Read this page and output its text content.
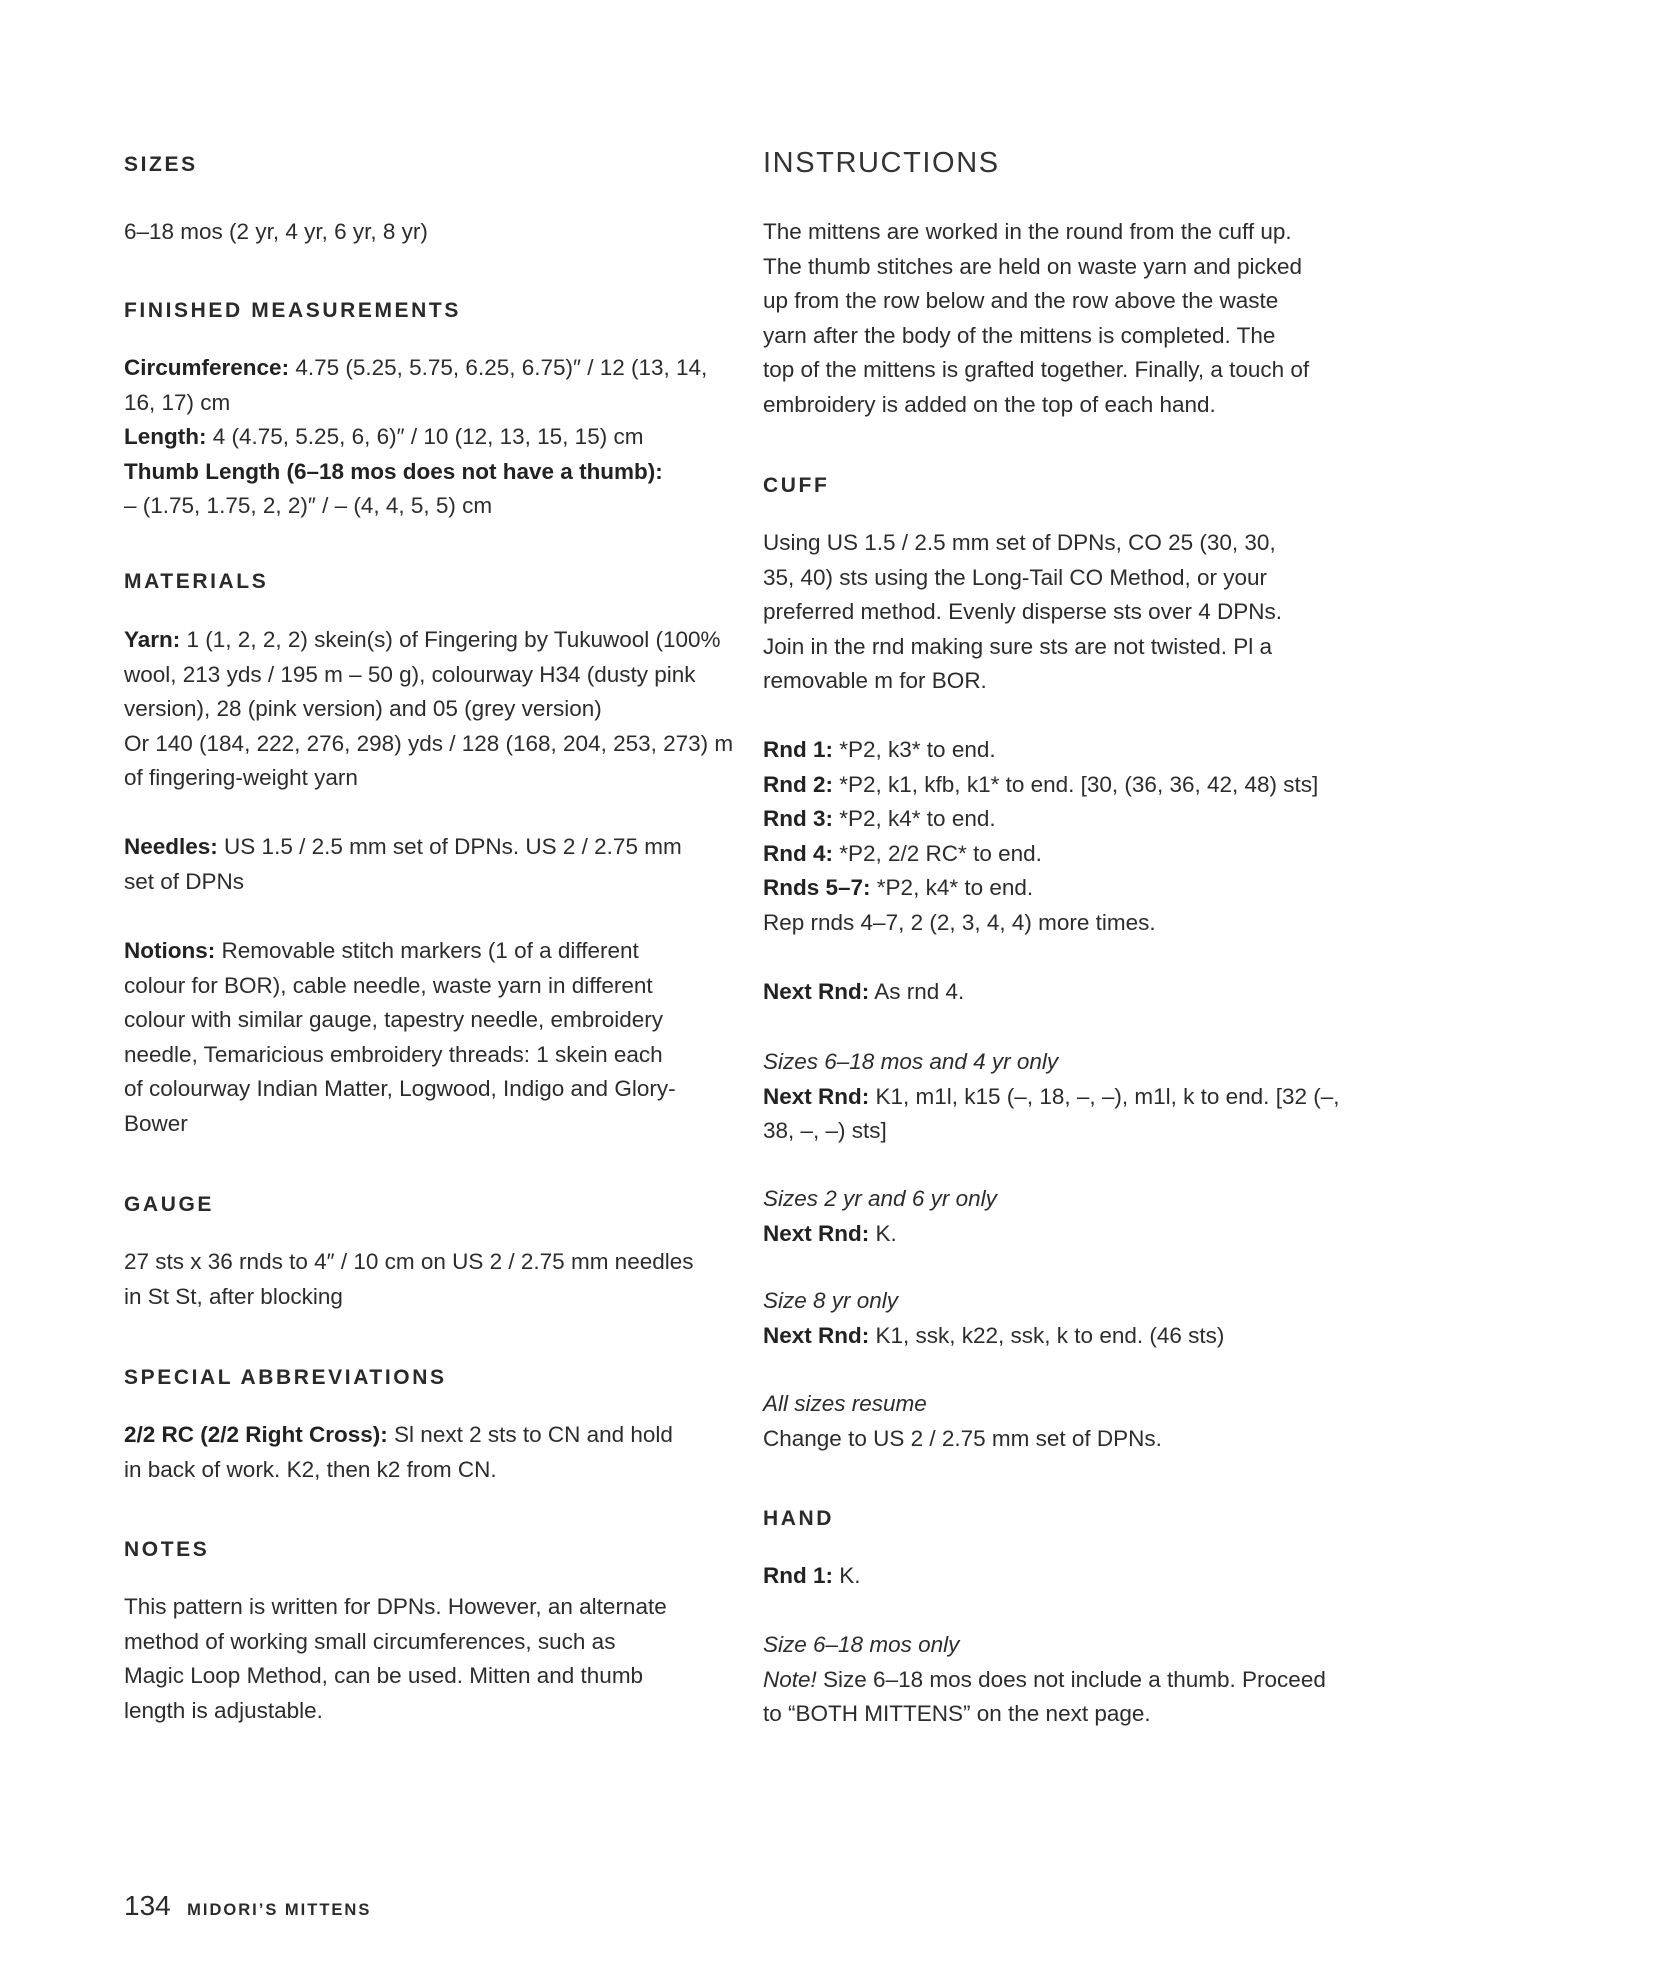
SIZES
6–18 mos (2 yr, 4 yr, 6 yr, 8 yr)
FINISHED MEASUREMENTS
Circumference: 4.75 (5.25, 5.75, 6.25, 6.75)″ / 12 (13, 14,
16, 17) cm
Length: 4 (4.75, 5.25, 6, 6)″ / 10 (12, 13, 15, 15) cm
Thumb Length (6–18 mos does not have a thumb):
– (1.75, 1.75, 2, 2)″ / – (4, 4, 5, 5) cm
MATERIALS
Yarn: 1 (1, 2, 2, 2) skein(s) of Fingering by Tukuwool (100%
wool, 213 yds / 195 m – 50 g), colourway H34 (dusty pink
version), 28 (pink version) and 05 (grey version)
Or 140 (184, 222, 276, 298) yds / 128 (168, 204, 253, 273) m
of fingering-weight yarn
Needles: US 1.5 / 2.5 mm set of DPNs. US 2 / 2.75 mm
set of DPNs
Notions: Removable stitch markers (1 of a different
colour for BOR), cable needle, waste yarn in different
colour with similar gauge, tapestry needle, embroidery
needle, Temaricious embroidery threads: 1 skein each
of colourway Indian Matter, Logwood, Indigo and Glory-
Bower
GAUGE
27 sts x 36 rnds to 4″ / 10 cm on US 2 / 2.75 mm needles
in St St, after blocking
SPECIAL ABBREVIATIONS
2/2 RC (2/2 Right Cross): Sl next 2 sts to CN and hold
in back of work. K2, then k2 from CN.
NOTES
This pattern is written for DPNs. However, an alternate
method of working small circumferences, such as
Magic Loop Method, can be used. Mitten and thumb
length is adjustable.
INSTRUCTIONS
The mittens are worked in the round from the cuff up.
The thumb stitches are held on waste yarn and picked
up from the row below and the row above the waste
yarn after the body of the mittens is completed. The
top of the mittens is grafted together. Finally, a touch of
embroidery is added on the top of each hand.
CUFF
Using US 1.5 / 2.5 mm set of DPNs, CO 25 (30, 30,
35, 40) sts using the Long-Tail CO Method, or your
preferred method. Evenly disperse sts over 4 DPNs.
Join in the rnd making sure sts are not twisted. Pl a
removable m for BOR.
Rnd 1: *P2, k3* to end.
Rnd 2: *P2, k1, kfb, k1* to end. [30, (36, 36, 42, 48) sts]
Rnd 3: *P2, k4* to end.
Rnd 4: *P2, 2/2 RC* to end.
Rnds 5–7: *P2, k4* to end.
Rep rnds 4–7, 2 (2, 3, 4, 4) more times.
Next Rnd: As rnd 4.
Sizes 6–18 mos and 4 yr only
Next Rnd: K1, m1l, k15 (–, 18, –, –), m1l, k to end. [32 (–,
38, –, –) sts]
Sizes 2 yr and 6 yr only
Next Rnd: K.
Size 8 yr only
Next Rnd: K1, ssk, k22, ssk, k to end. (46 sts)
All sizes resume
Change to US 2 / 2.75 mm set of DPNs.
HAND
Rnd 1: K.
Size 6–18 mos only
Note! Size 6–18 mos does not include a thumb. Proceed
to “BOTH MITTENS” on the next page.
134 MIDORI’S MITTENS
